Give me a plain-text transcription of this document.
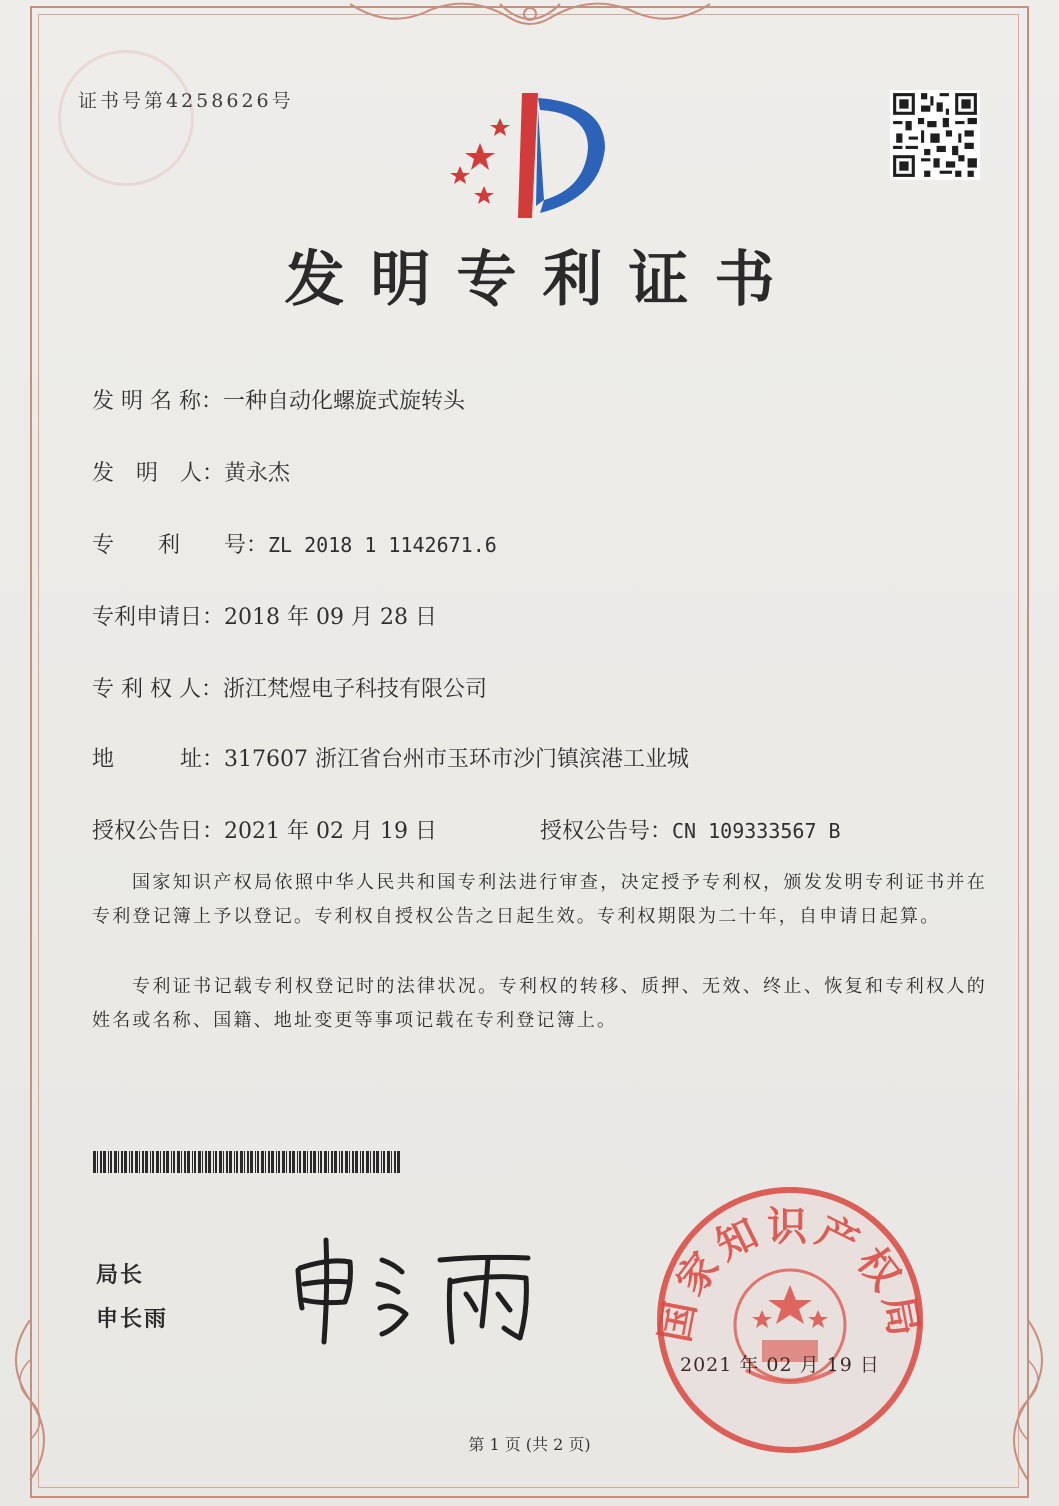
证书号第4258626号
发明专利证书
发 明 名 称：一种自动化螺旋式旋转头
发　明　人：黄永杰
专　　利　　号：ZL 2018 1 1142671.6
专利申请日：2018 年 09 月 28 日
专 利 权 人：浙江梵煜电子科技有限公司
地　　　址：317607 浙江省台州市玉环市沙门镇滨港工业城
授权公告日：2021 年 02 月 19 日	授权公告号：CN 109333567 B
国家知识产权局依照中华人民共和国专利法进行审查，决定授予专利权，颁发发明专利证书并在专利登记簿上予以登记。专利权自授权公告之日起生效。专利权期限为二十年，自申请日起算。
专利证书记载专利权登记时的法律状况。专利权的转移、质押、无效、终止、恢复和专利权人的姓名或名称、国籍、地址变更等事项记载在专利登记簿上。
局长
申长雨	国家知识产权局
2021 年 02 月 19 日
第 1 页 (共 2 页)
